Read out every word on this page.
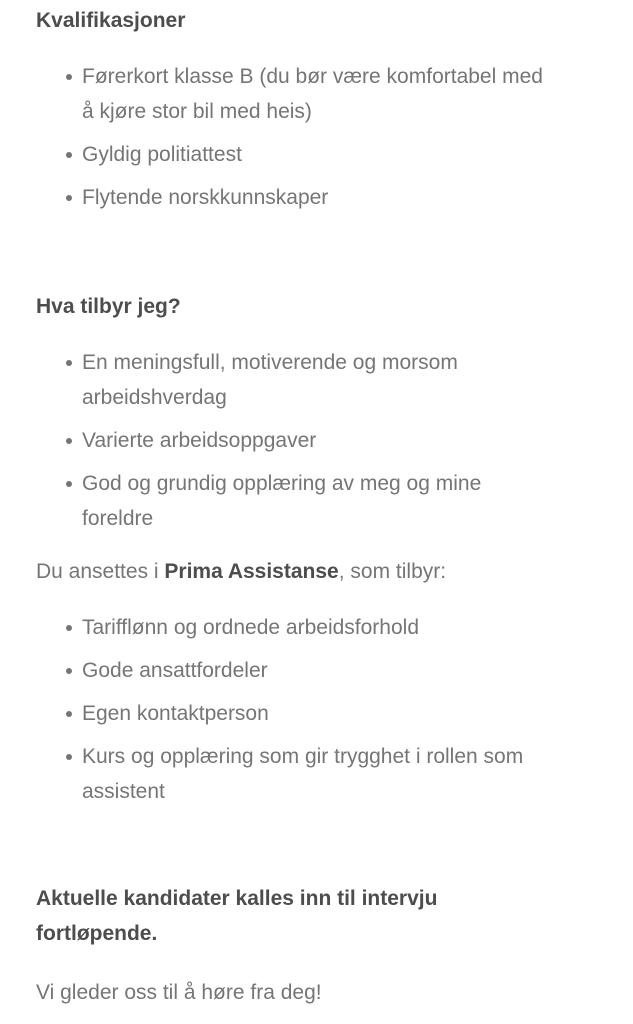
Kvalifikasjoner
Førerkort klasse B (du bør være komfortabel med å kjøre stor bil med heis)
Gyldig politiattest
Flytende norskkunnskaper
Hva tilbyr jeg?
En meningsfull, motiverende og morsom arbeidshverdag
Varierte arbeidsoppgaver
God og grundig opplæring av meg og mine foreldre

Du ansettes i Prima Assistanse, som tilbyr:

Tarifflønn og ordnede arbeidsforhold
Gode ansattfordeler
Egen kontaktperson
Kurs og opplæring som gir trygghet i rollen som assistent

Aktuelle kandidater kalles inn til intervju fortløpende.

Vi gleder oss til å høre fra deg!
